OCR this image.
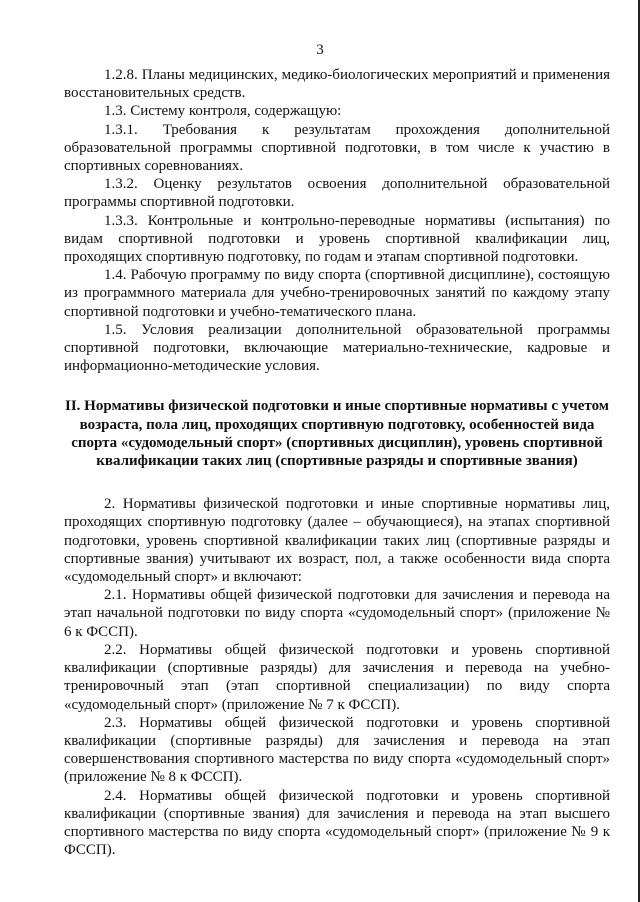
3

1.2.8. Планы медицинских, медико-биологических мероприятий и применения восстановительных средств.

1.3. Систему контроля, содержащую:

1.3.1. Требования к результатам прохождения дополнительной образовательной программы спортивной подготовки, в том числе к участию в спортивных соревнованиях.

1.3.2. Оценку результатов освоения дополнительной образовательной программы спортивной подготовки.

1.3.3. Контрольные и контрольно-переводные нормативы (испытания) по видам спортивной подготовки и уровень спортивной квалификации лиц, проходящих спортивную подготовку, по годам и этапам спортивной подготовки.

1.4. Рабочую программу по виду спорта (спортивной дисциплине), состоящую из программного материала для учебно-тренировочных занятий по каждому этапу спортивной подготовки и учебно-тематического плана.

1.5. Условия реализации дополнительной образовательной программы спортивной подготовки, включающие материально-технические, кадровые и информационно-методические условия.

II. Нормативы физической подготовки и иные спортивные нормативы с учетом возраста, пола лиц, проходящих спортивную подготовку, особенностей вида спорта «судомодельный спорт» (спортивных дисциплин), уровень спортивной квалификации таких лиц (спортивные разряды и спортивные звания)

2. Нормативы физической подготовки и иные спортивные нормативы лиц, проходящих спортивную подготовку (далее – обучающиеся), на этапах спортивной подготовки, уровень спортивной квалификации таких лиц (спортивные разряды и спортивные звания) учитывают их возраст, пол, а также особенности вида спорта «судомодельный спорт» и включают:

2.1. Нормативы общей физической подготовки для зачисления и перевода на этап начальной подготовки по виду спорта «судомодельный спорт» (приложение № 6 к ФССП).

2.2. Нормативы общей физической подготовки и уровень спортивной квалификации (спортивные разряды) для зачисления и перевода на учебно-тренировочный этап (этап спортивной специализации) по виду спорта «судомодельный спорт» (приложение № 7 к ФССП).

2.3. Нормативы общей физической подготовки и уровень спортивной квалификации (спортивные разряды) для зачисления и перевода на этап совершенствования спортивного мастерства по виду спорта «судомодельный спорт» (приложение № 8 к ФССП).

2.4. Нормативы общей физической подготовки и уровень спортивной квалификации (спортивные звания) для зачисления и перевода на этап высшего спортивного мастерства по виду спорта «судомодельный спорт» (приложение № 9 к ФССП).
